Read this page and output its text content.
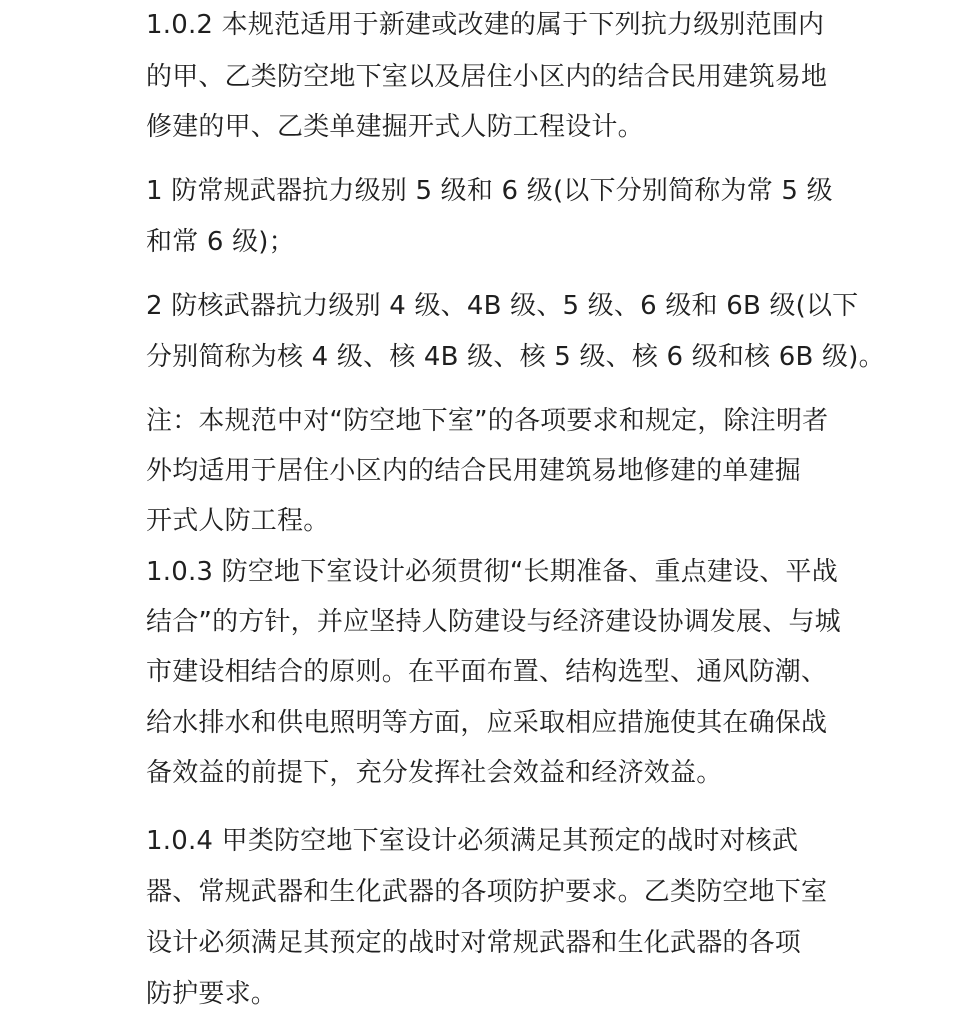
1.0.2 本规范适用于新建或改建的属于下列抗力级别范围内
的甲、乙类防空地下室以及居住小区内的结合民用建筑易地
修建的甲、乙类单建掘开式人防工程设计。
1 防常规武器抗力级别 5 级和 6 级(以下分别简称为常 5 级
和常 6 级)；
2 防核武器抗力级别 4 级、4B 级、5 级、6 级和 6B 级(以下
分别简称为核 4 级、核 4B 级、核 5 级、核 6 级和核 6B 级)。
注：本规范中对“防空地下室”的各项要求和规定，除注明者
外均适用于居住小区内的结合民用建筑易地修建的单建掘
开式人防工程。
1.0.3 防空地下室设计必须贯彻“长期准备、重点建设、平战
结合”的方针，并应坚持人防建设与经济建设协调发展、与城
市建设相结合的原则。在平面布置、结构选型、通风防潮、
给水排水和供电照明等方面，应采取相应措施使其在确保战
备效益的前提下，充分发挥社会效益和经济效益。
1.0.4 甲类防空地下室设计必须满足其预定的战时对核武
器、常规武器和生化武器的各项防护要求。乙类防空地下室
设计必须满足其预定的战时对常规武器和生化武器的各项
防护要求。
